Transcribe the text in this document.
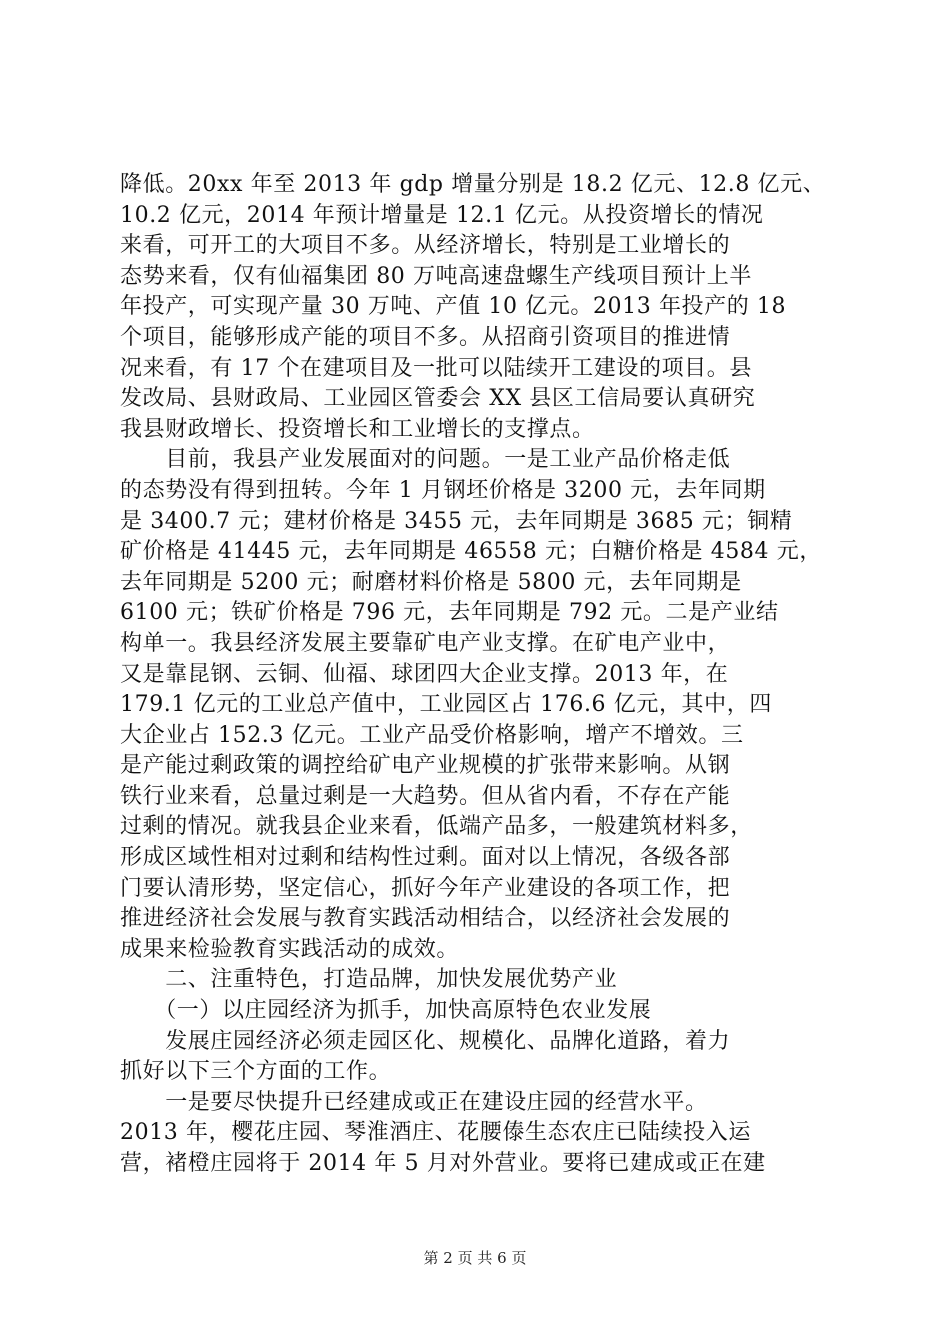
降低。20xx 年至 2013 年 gdp 增量分别是 18.2 亿元、12.8 亿元、
10.2 亿元，2014 年预计增量是 12.1 亿元。从投资增长的情况
来看，可开工的大项目不多。从经济增长，特别是工业增长的
态势来看，仅有仙福集团 80 万吨高速盘螺生产线项目预计上半
年投产，可实现产量 30 万吨、产值 10 亿元。2013 年投产的 18
个项目，能够形成产能的项目不多。从招商引资项目的推进情
况来看，有 17 个在建项目及一批可以陆续开工建设的项目。县
发改局、县财政局、工业园区管委会 XX 县区工信局要认真研究
我县财政增长、投资增长和工业增长的支撑点。
　　目前，我县产业发展面对的问题。一是工业产品价格走低
的态势没有得到扭转。今年 1 月钢坯价格是 3200 元，去年同期
是 3400.7 元；建材价格是 3455 元，去年同期是 3685 元；铜精
矿价格是 41445 元，去年同期是 46558 元；白糖价格是 4584 元，
去年同期是 5200 元；耐磨材料价格是 5800 元，去年同期是
6100 元；铁矿价格是 796 元，去年同期是 792 元。二是产业结
构单一。我县经济发展主要靠矿电产业支撑。在矿电产业中，
又是靠昆钢、云铜、仙福、球团四大企业支撑。2013 年，在
179.1 亿元的工业总产值中，工业园区占 176.6 亿元，其中，四
大企业占 152.3 亿元。工业产品受价格影响，增产不增效。三
是产能过剩政策的调控给矿电产业规模的扩张带来影响。从钢
铁行业来看，总量过剩是一大趋势。但从省内看，不存在产能
过剩的情况。就我县企业来看，低端产品多，一般建筑材料多，
形成区域性相对过剩和结构性过剩。面对以上情况，各级各部
门要认清形势，坚定信心，抓好今年产业建设的各项工作，把
推进经济社会发展与教育实践活动相结合，以经济社会发展的
成果来检验教育实践活动的成效。
　　二、注重特色，打造品牌，加快发展优势产业
　　（一）以庄园经济为抓手，加快高原特色农业发展
　　发展庄园经济必须走园区化、规模化、品牌化道路，着力
抓好以下三个方面的工作。
　　一是要尽快提升已经建成或正在建设庄园的经营水平。
2013 年，樱花庄园、琴淮酒庄、花腰傣生态农庄已陆续投入运
营，褚橙庄园将于 2014 年 5 月对外营业。要将已建成或正在建
第 2 页 共 6 页
